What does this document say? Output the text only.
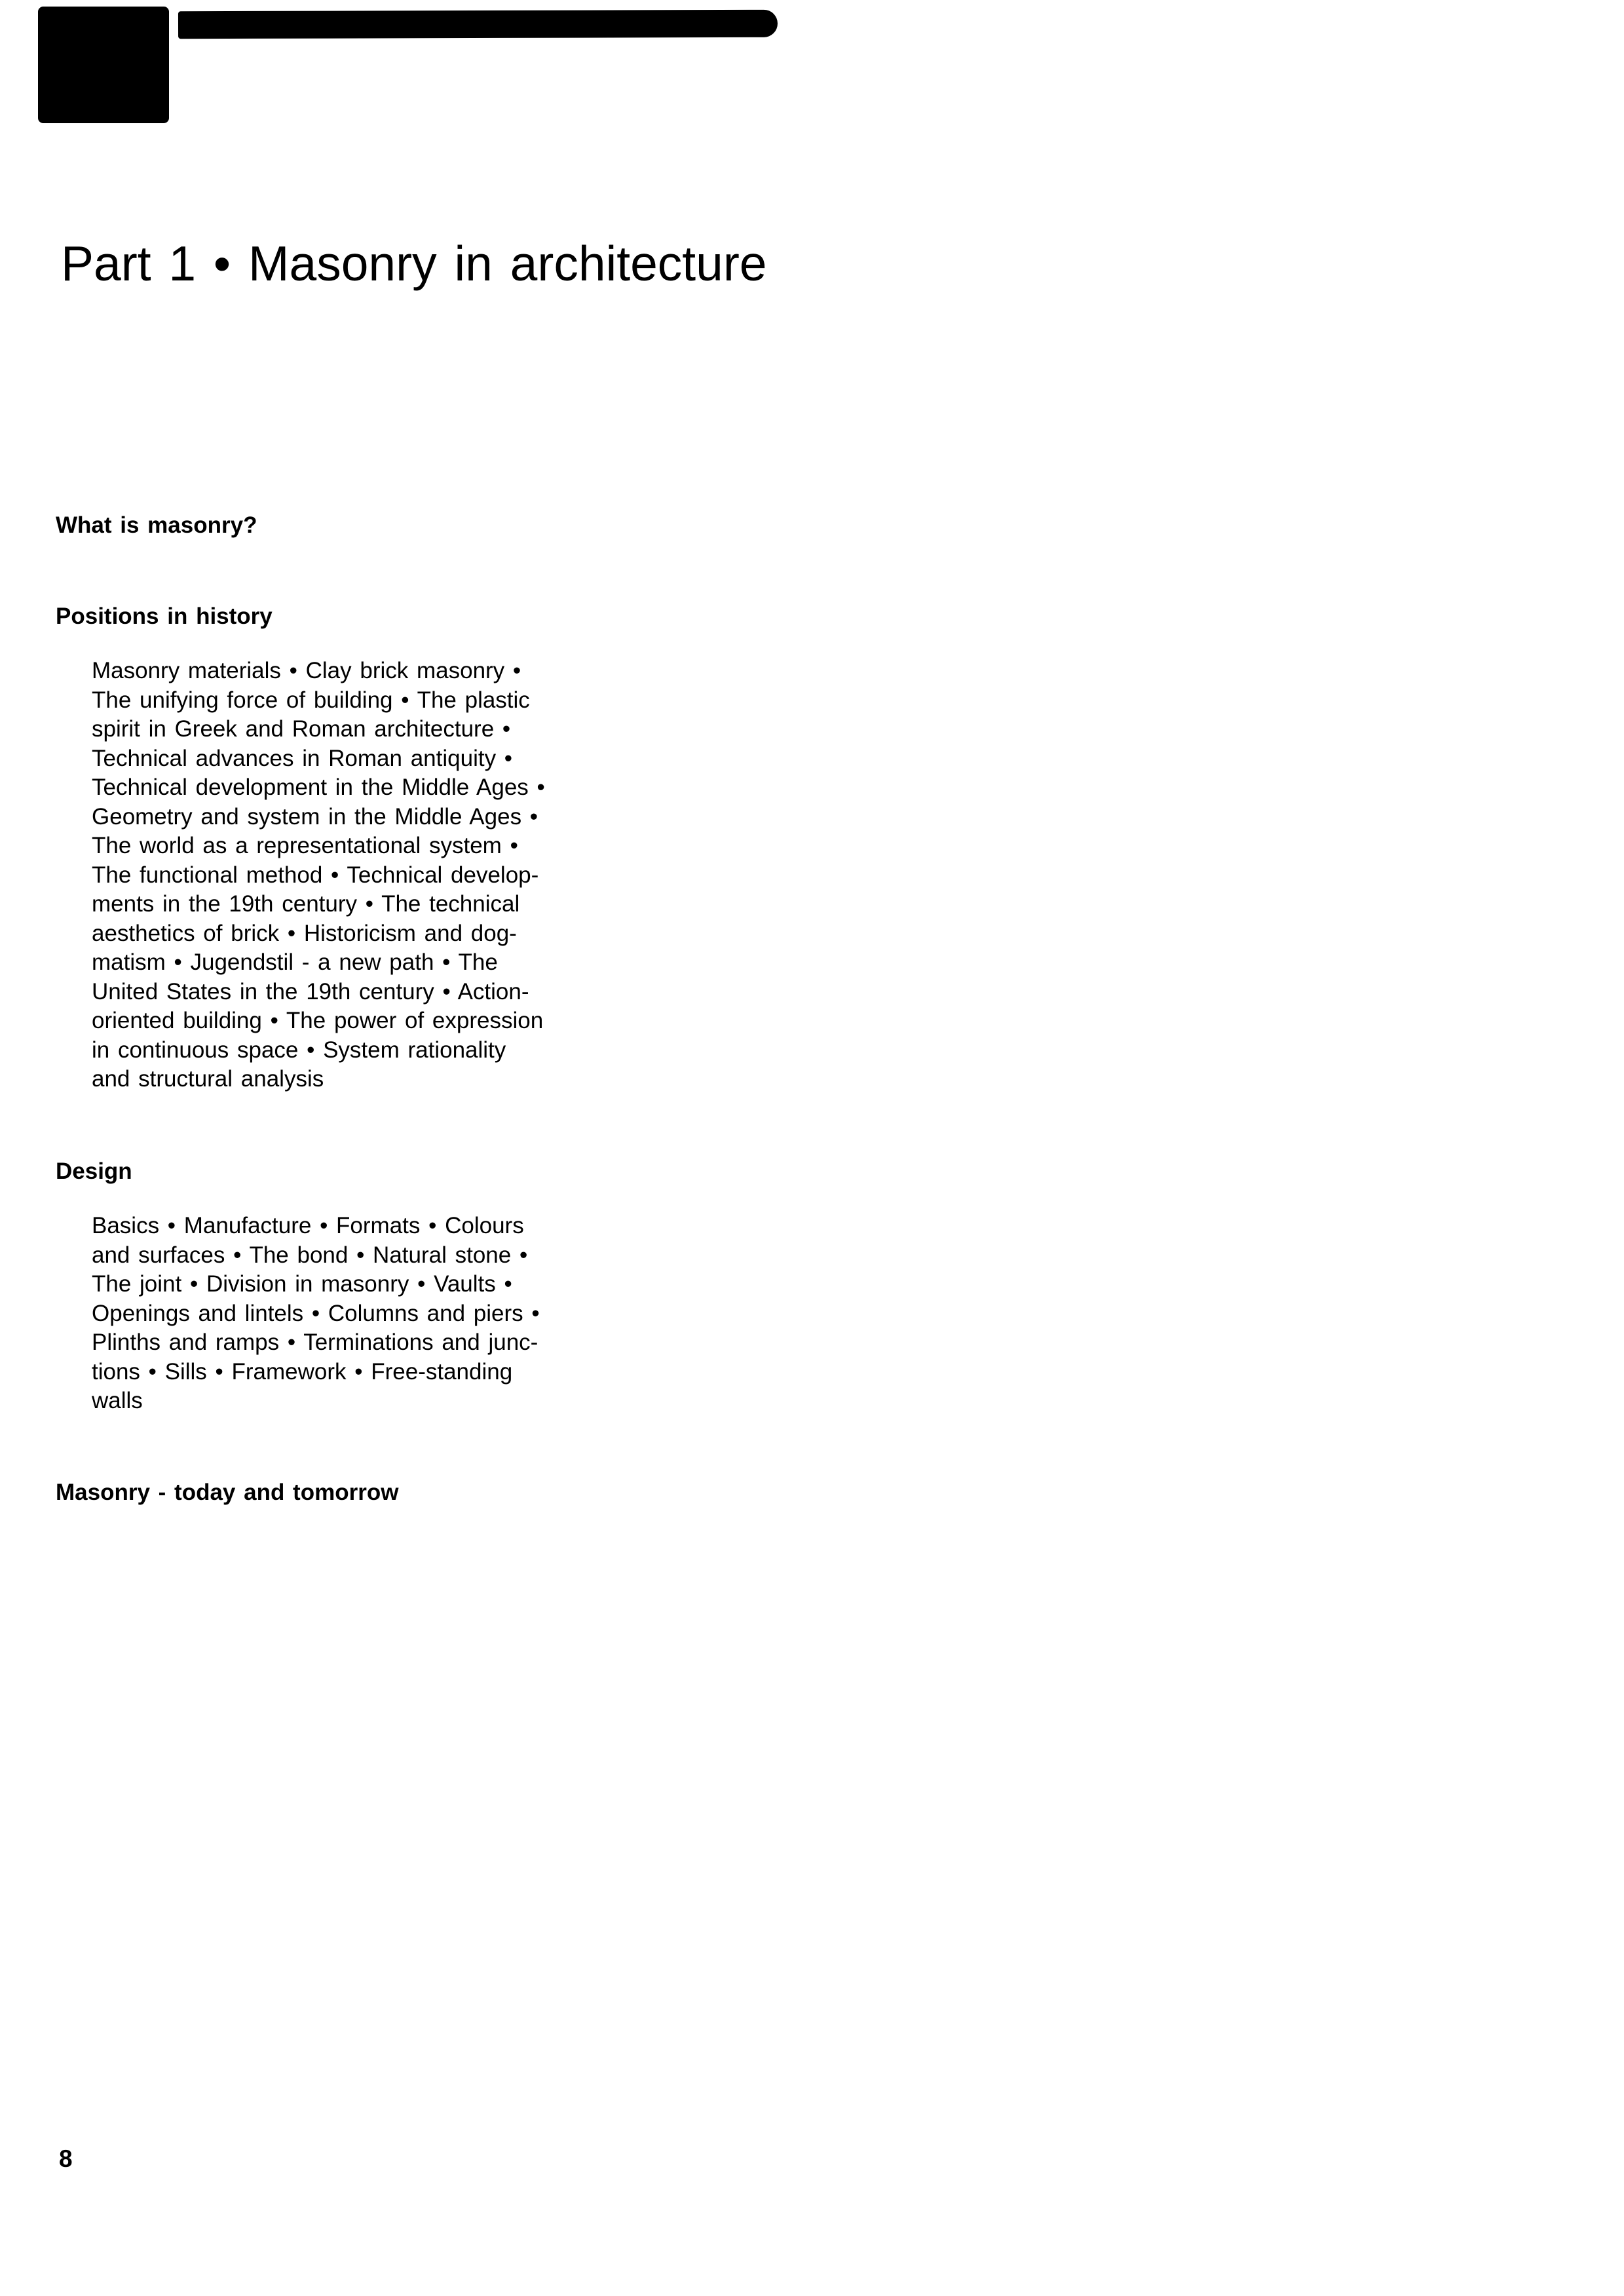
Part 1 • Masonry in architecture
What is masonry?
Positions in history
Masonry materials • Clay brick masonry •
The unifying force of building • The plastic
spirit in Greek and Roman architecture •
Technical advances in Roman antiquity •
Technical development in the Middle Ages •
Geometry and system in the Middle Ages •
The world as a representational system •
The functional method • Technical develop-
ments in the 19th century • The technical
aesthetics of brick • Historicism and dog-
matism • Jugendstil - a new path • The
United States in the 19th century • Action-
oriented building • The power of expression
in continuous space • System rationality
and structural analysis
Design
Basics • Manufacture • Formats • Colours
and surfaces • The bond • Natural stone •
The joint • Division in masonry • Vaults •
Openings and lintels • Columns and piers •
Plinths and ramps • Terminations and junc-
tions • Sills • Framework • Free-standing
walls
Masonry - today and tomorrow
8
